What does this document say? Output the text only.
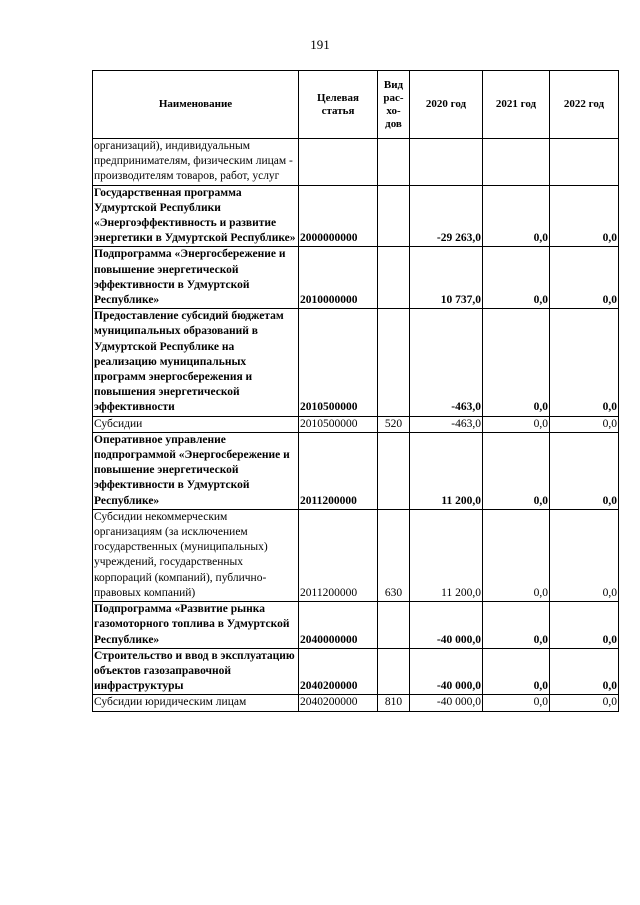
191
Наименование	Целевая статья	Вид рас-хо-дов	2020 год	2021 год	2022 год
организаций), индивидуальным предпринимателям, физическим лицам - производителям товаров, работ, услуг					
Государственная программа Удмуртской Республики «Энергоэффективность и развитие энергетики в Удмуртской Республике»	2000000000		-29 263,0	0,0	0,0
Подпрограмма «Энергосбережение и повышение энергетической эффективности в Удмуртской Республике»	2010000000		10 737,0	0,0	0,0
Предоставление субсидий бюджетам муниципальных образований в Удмуртской Республике на реализацию муниципальных программ энергосбережения и повышения энергетической эффективности	2010500000		-463,0	0,0	0,0
Субсидии	2010500000	520	-463,0	0,0	0,0
Оперативное управление подпрограммой «Энергосбережение и повышение энергетической эффективности в Удмуртской Республике»	2011200000		11 200,0	0,0	0,0
Субсидии некоммерческим организациям (за исключением государственных (муниципальных) учреждений, государственных корпораций (компаний), публично-правовых компаний)	2011200000	630	11 200,0	0,0	0,0
Подпрограмма «Развитие рынка газомоторного топлива в Удмуртской Республике»	2040000000		-40 000,0	0,0	0,0
Строительство и ввод в эксплуатацию объектов газозаправочной инфраструктуры	2040200000		-40 000,0	0,0	0,0
Субсидии юридическим лицам	2040200000	810	-40 000,0	0,0	0,0
